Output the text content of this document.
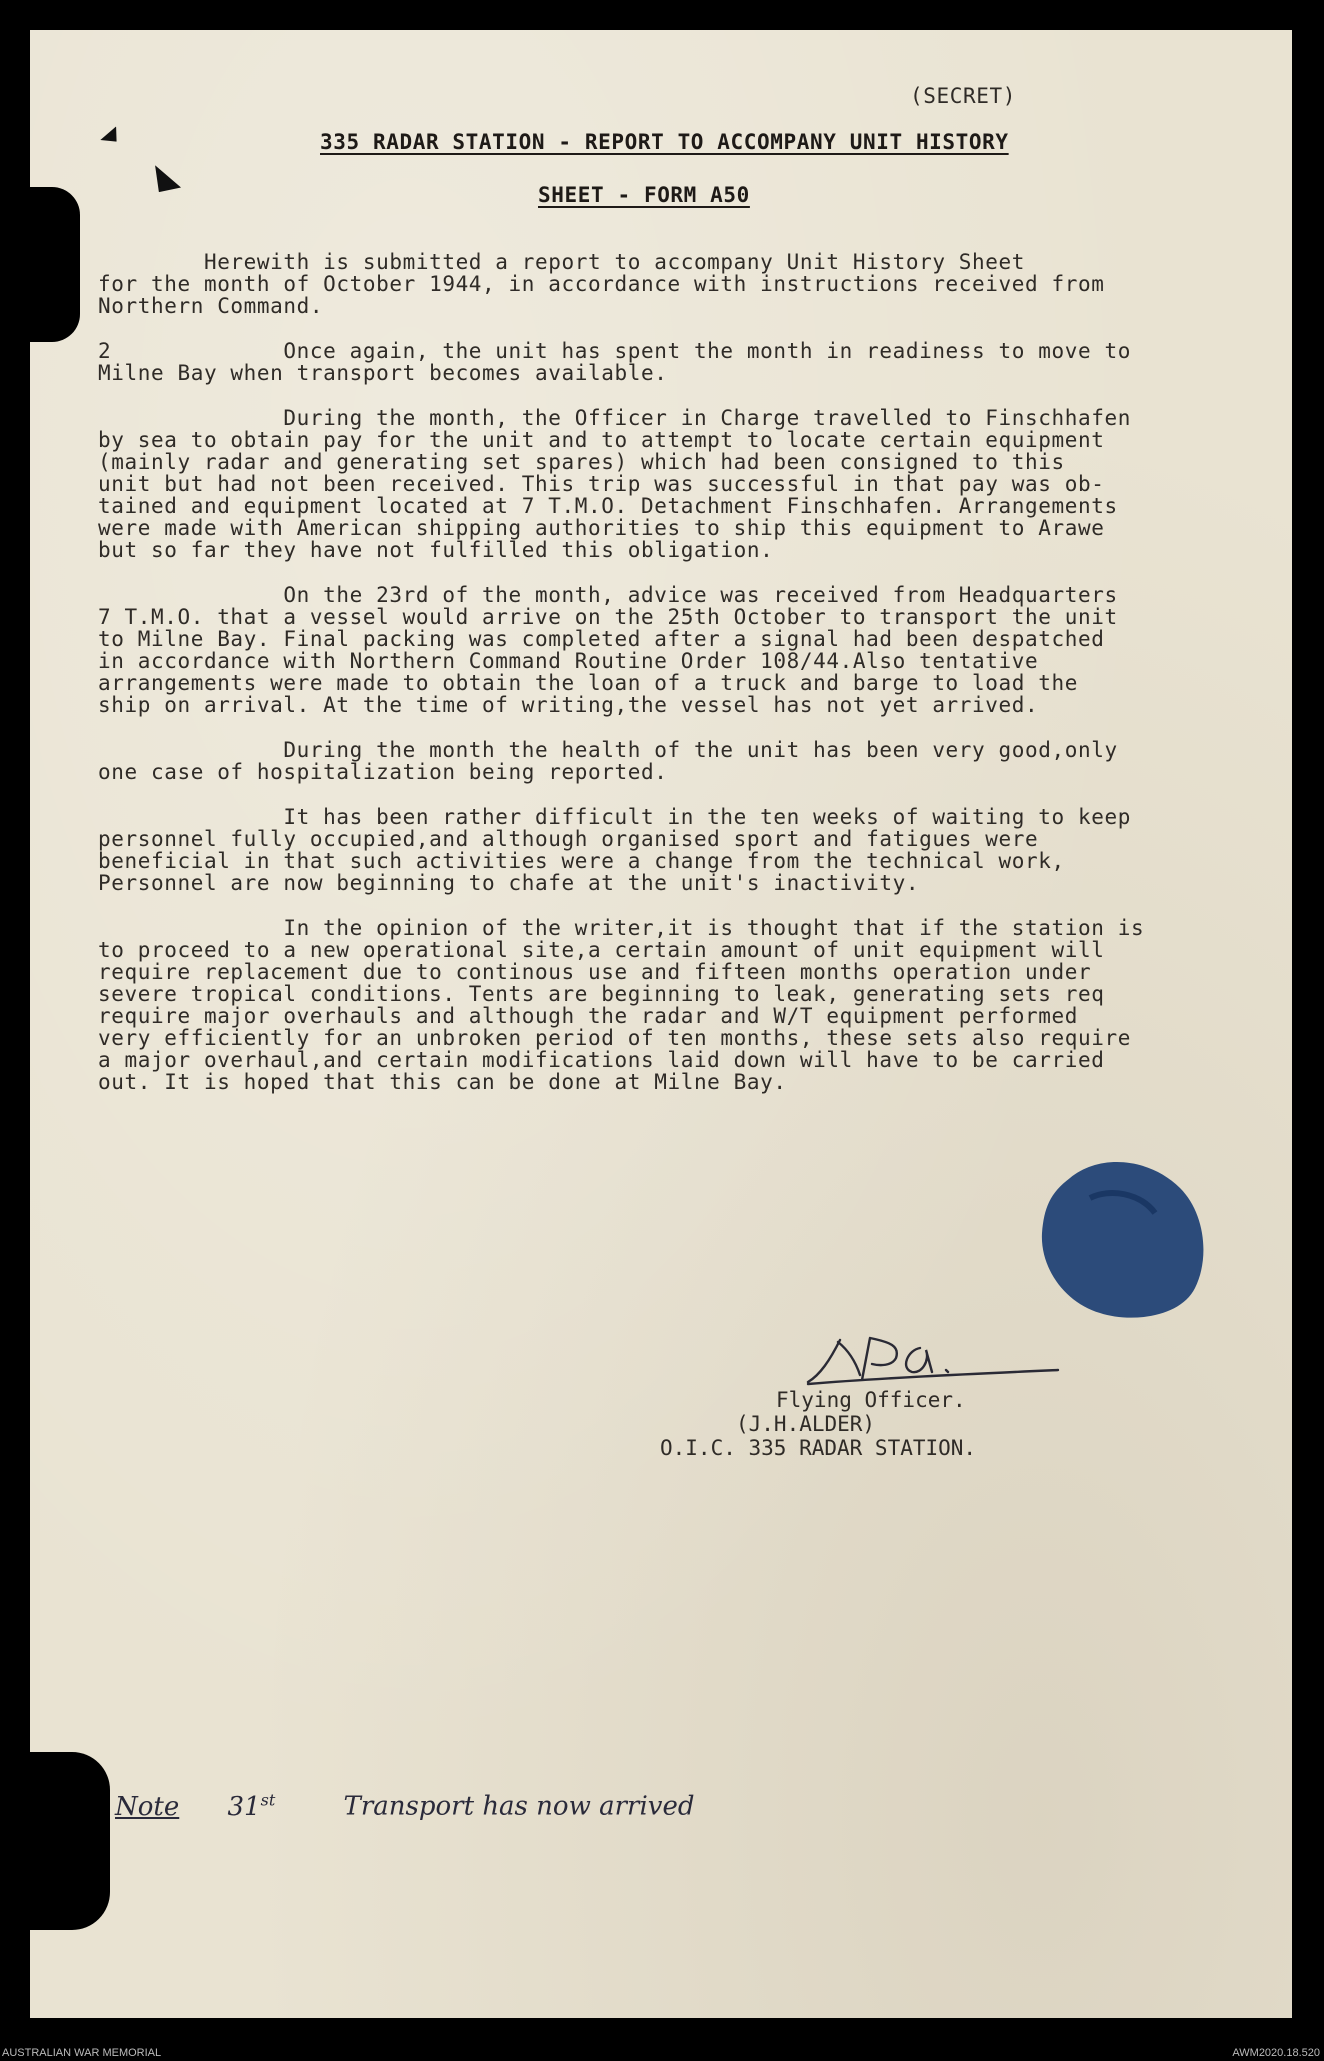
(SECRET)
335 RADAR STATION - REPORT TO ACCOMPANY UNIT HISTORY
SHEET - FORM A50
Herewith is submitted a report to accompany Unit History Sheet
for the month of October 1944, in accordance with instructions received from
Northern Command.
2             Once again, the unit has spent the month in readiness to move to
Milne Bay when transport becomes available.
During the month, the Officer in Charge travelled to Finschhafen
by sea to obtain pay for the unit and to attempt to locate certain equipment
(mainly radar and generating set spares) which had been consigned to this
unit but had not been received. This trip was successful in that pay was ob-
tained and equipment located at 7 T.M.O. Detachment Finschhafen. Arrangements
were made with American shipping authorities to ship this equipment to Arawe
but so far they have not fulfilled this obligation.
On the 23rd of the month, advice was received from Headquarters
7 T.M.O. that a vessel would arrive on the 25th October to transport the unit
to Milne Bay. Final packing was completed after a signal had been despatched
in accordance with Northern Command Routine Order 108/44.Also tentative
arrangements were made to obtain the loan of a truck and barge to load the
ship on arrival. At the time of writing,the vessel has not yet arrived.
During the month the health of the unit has been very good,only
one case of hospitalization being reported.
It has been rather difficult in the ten weeks of waiting to keep
personnel fully occupied,and although organised sport and fatigues were
beneficial in that such activities were a change from the technical work,
Personnel are now beginning to chafe at the unit's inactivity.
In the opinion of the writer,it is thought that if the station is
to proceed to a new operational site,a certain amount of unit equipment will
require replacement due to continous use and fifteen months operation under
severe tropical conditions. Tents are beginning to leak, generating sets req
require major overhauls and although the radar and W/T equipment performed
very efficiently for an unbroken period of ten months, these sets also require
a major overhaul,and certain modifications laid down will have to be carried
out. It is hoped that this can be done at Milne Bay.
Flying Officer.
(J.H.ALDER)
O.I.C. 335 RADAR STATION.
Note 31st	Transport has now arrived
AUSTRALIAN WAR MEMORIAL	AWM2020.18.520
